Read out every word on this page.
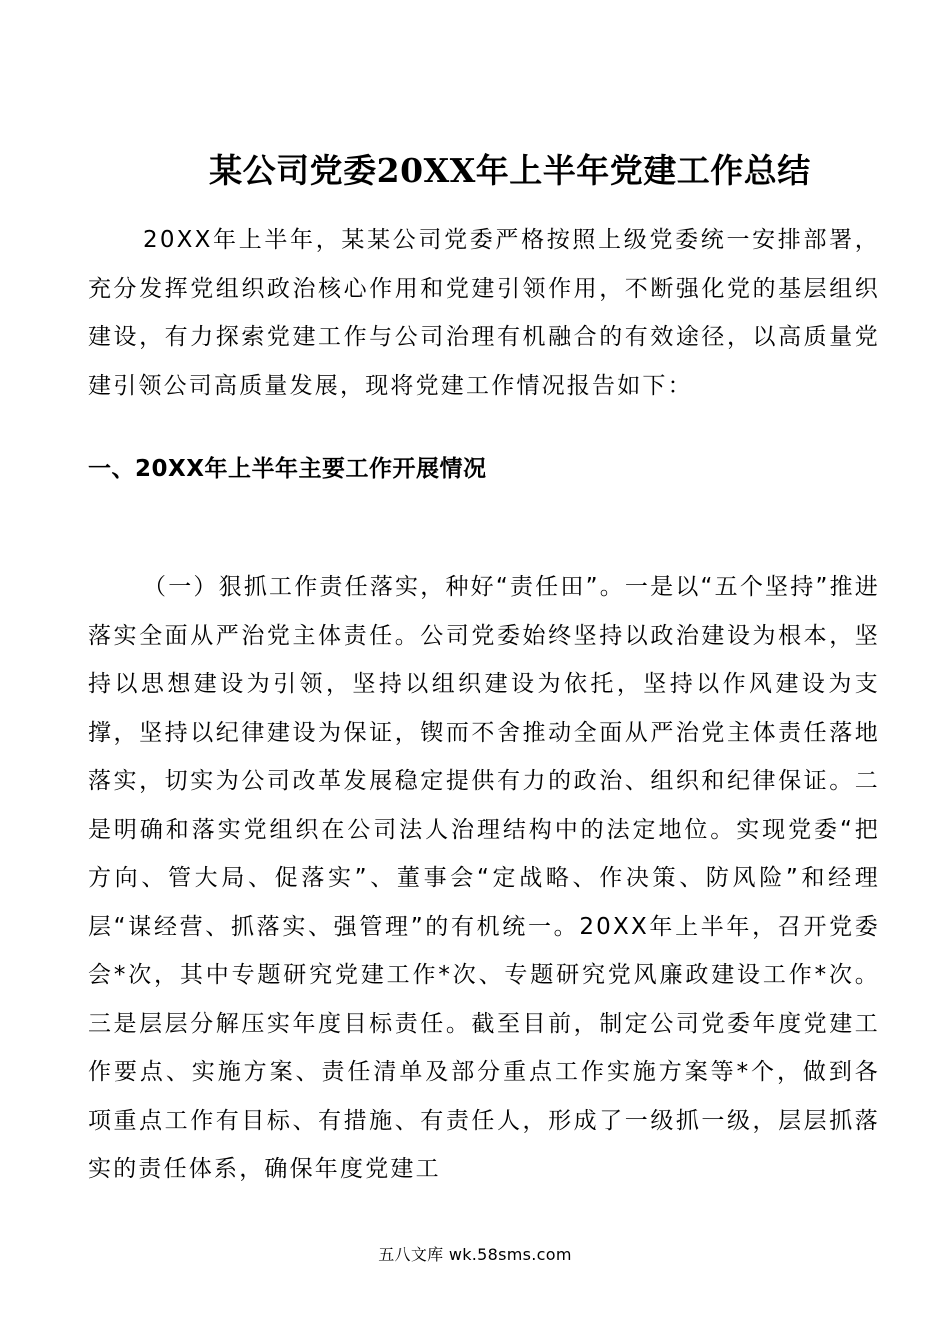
某公司党委20XX年上半年党建工作总结

20XX年上半年，某某公司党委严格按照上级党委统一安排部署，充分发挥党组织政治核心作用和党建引领作用，不断强化党的基层组织建设，有力探索党建工作与公司治理有机融合的有效途径，以高质量党建引领公司高质量发展，现将党建工作情况报告如下：

一、20XX年上半年主要工作开展情况

（一）狠抓工作责任落实，种好“责任田”。一是以“五个坚持”推进落实全面从严治党主体责任。公司党委始终坚持以政治建设为根本，坚持以思想建设为引领，坚持以组织建设为依托，坚持以作风建设为支撑，坚持以纪律建设为保证，锲而不舍推动全面从严治党主体责任落地落实，切实为公司改革发展稳定提供有力的政治、组织和纪律保证。二是明确和落实党组织在公司法人治理结构中的法定地位。实现党委“把方向、管大局、促落实”、董事会“定战略、作决策、防风险”和经理层“谋经营、抓落实、强管理”的有机统一。20XX年上半年，召开党委会*次，其中专题研究党建工作*次、专题研究党风廉政建设工作*次。三是层层分解压实年度目标责任。截至目前，制定公司党委年度党建工作要点、实施方案、责任清单及部分重点工作实施方案等*个，做到各项重点工作有目标、有措施、有责任人，形成了一级抓一级，层层抓落实的责任体系，确保年度党建工

五八文库 wk.58sms.com
